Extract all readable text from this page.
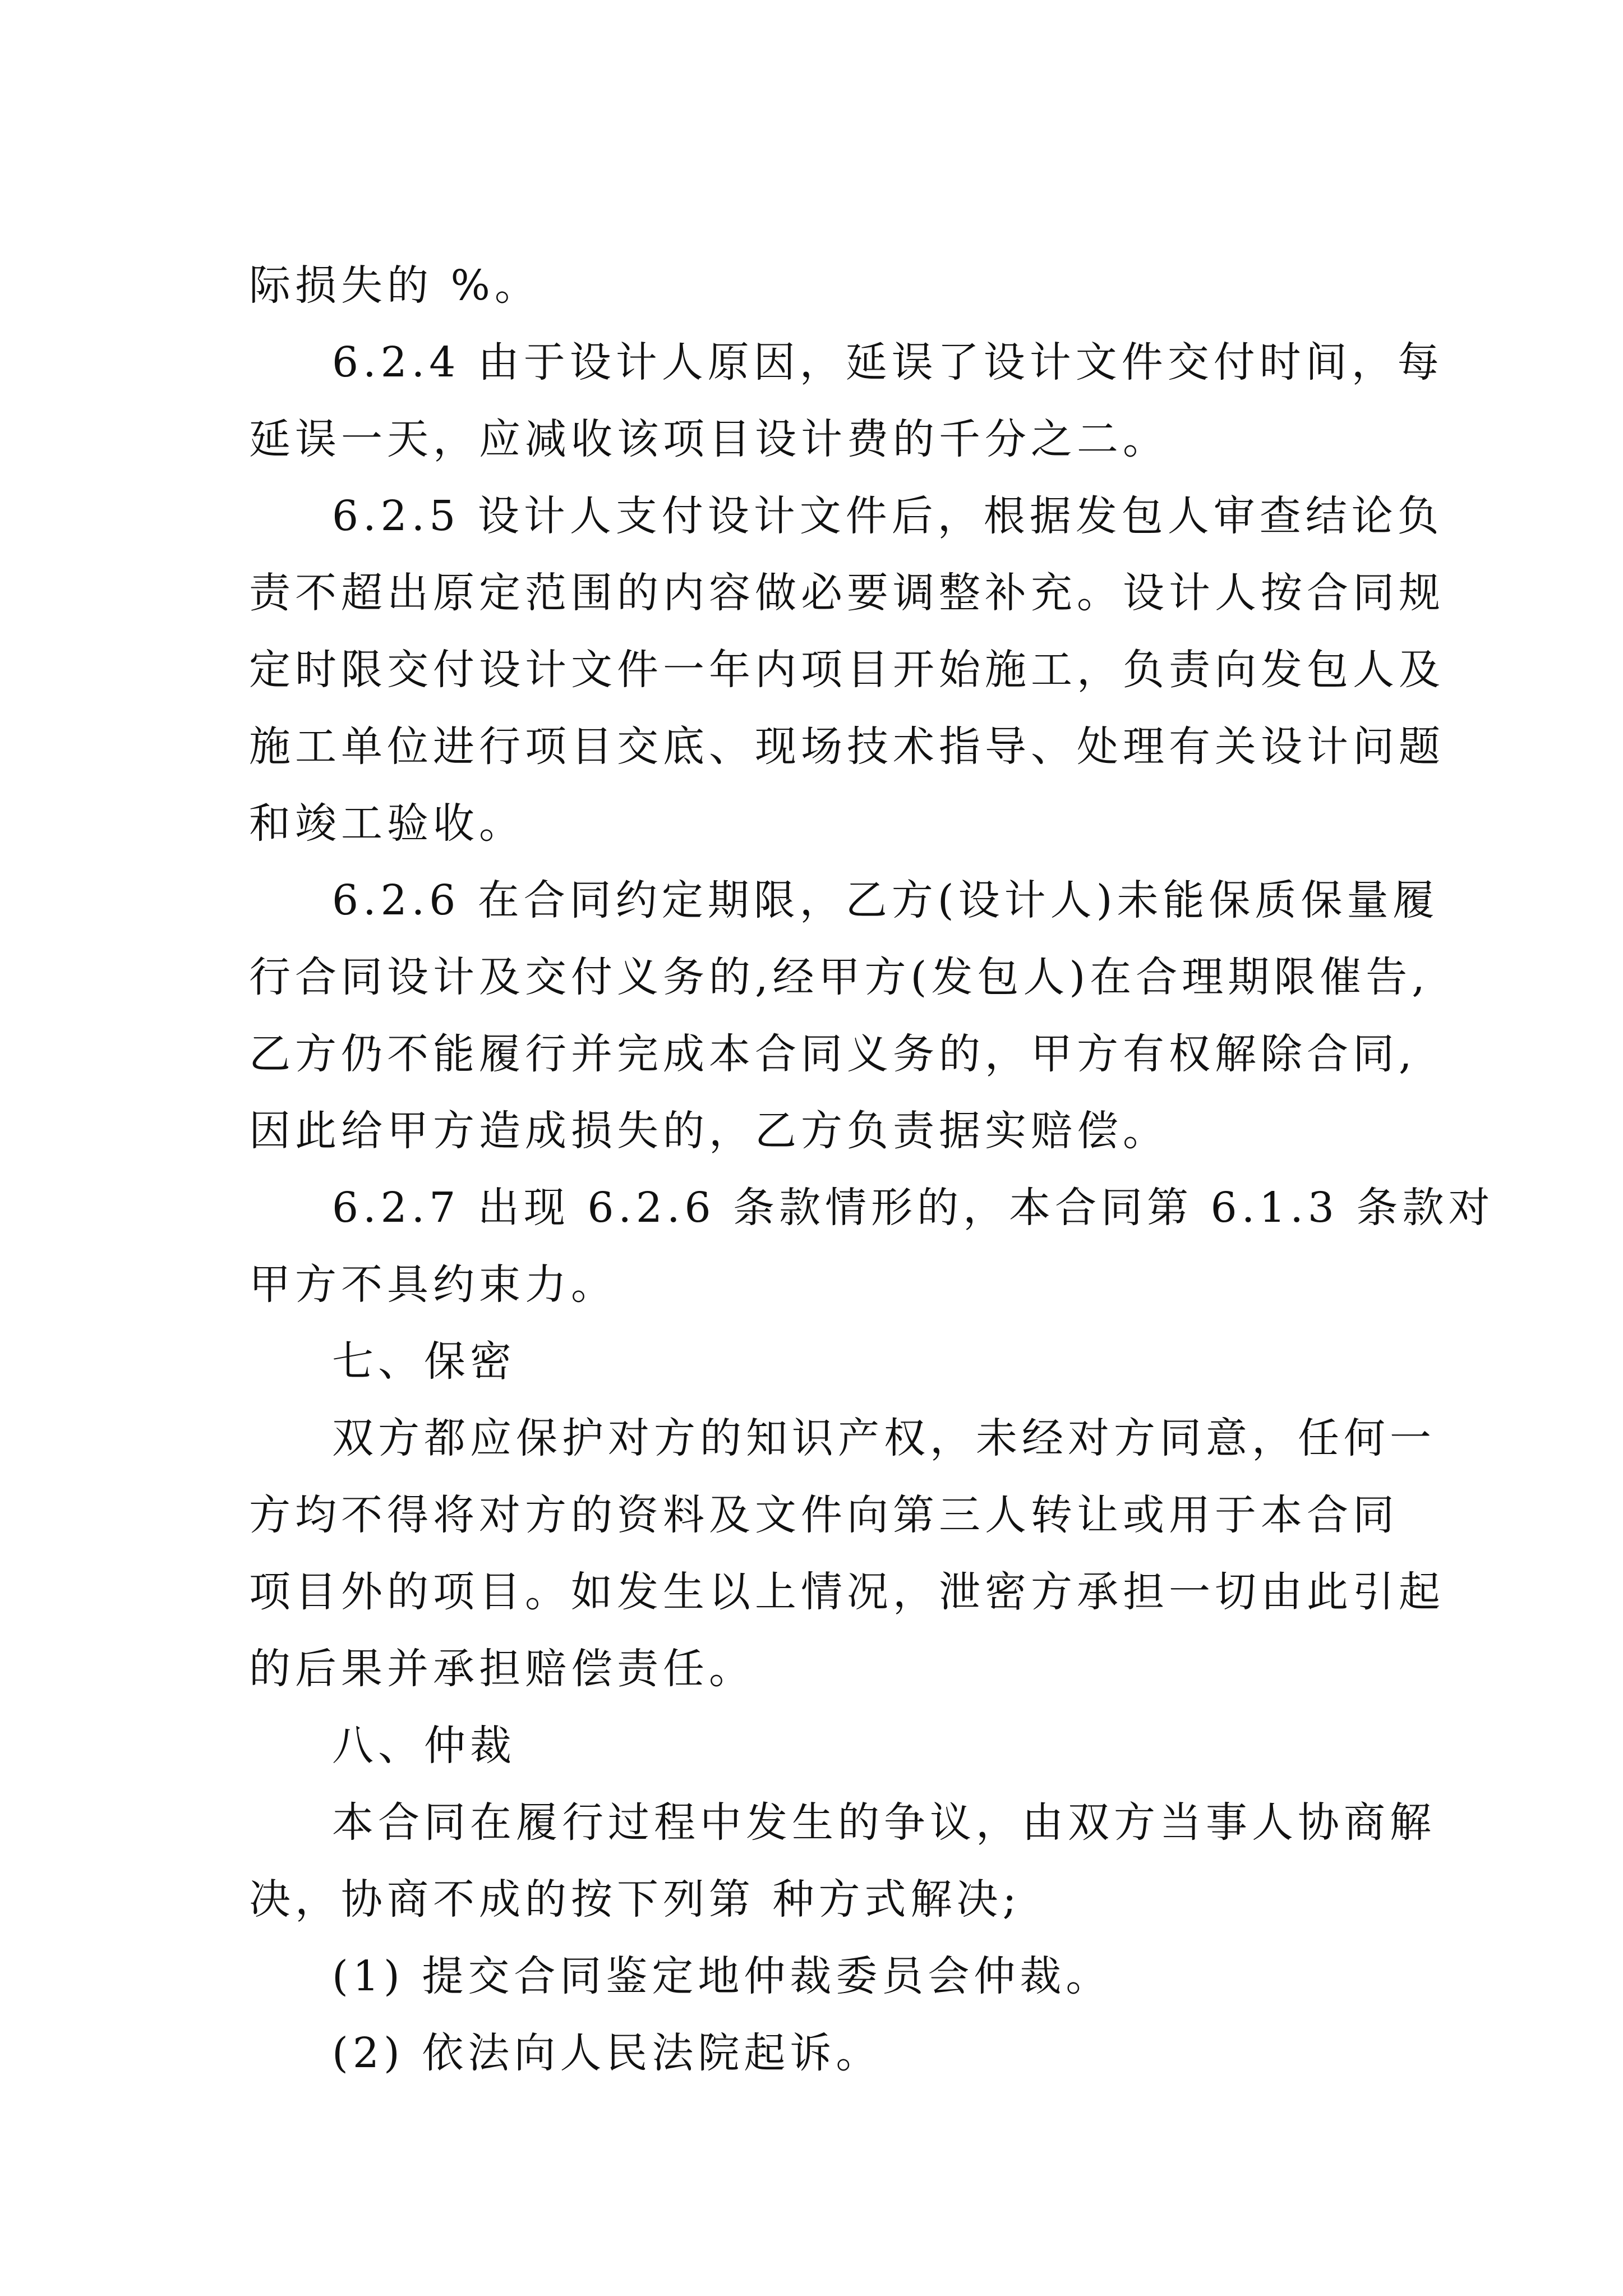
际损失的 %。

6.2.4 由于设计人原因，延误了设计文件交付时间，每

延误一天，应减收该项目设计费的千分之二。

6.2.5 设计人支付设计文件后，根据发包人审查结论负

责不超出原定范围的内容做必要调整补充。设计人按合同规

定时限交付设计文件一年内项目开始施工，负责向发包人及

施工单位进行项目交底、现场技术指导、处理有关设计问题

和竣工验收。

6.2.6 在合同约定期限，乙方(设计人)未能保质保量履

行合同设计及交付义务的,经甲方(发包人)在合理期限催告,

乙方仍不能履行并完成本合同义务的，甲方有权解除合同,

因此给甲方造成损失的，乙方负责据实赔偿。

6.2.7 出现 6.2.6 条款情形的，本合同第 6.1.3 条款对

甲方不具约束力。

七、保密

双方都应保护对方的知识产权，未经对方同意，任何一

方均不得将对方的资料及文件向第三人转让或用于本合同

项目外的项目。如发生以上情况，泄密方承担一切由此引起

的后果并承担赔偿责任。

八、仲裁

本合同在履行过程中发生的争议，由双方当事人协商解

决，协商不成的按下列第 种方式解决;

(1) 提交合同鉴定地仲裁委员会仲裁。

(2) 依法向人民法院起诉。
